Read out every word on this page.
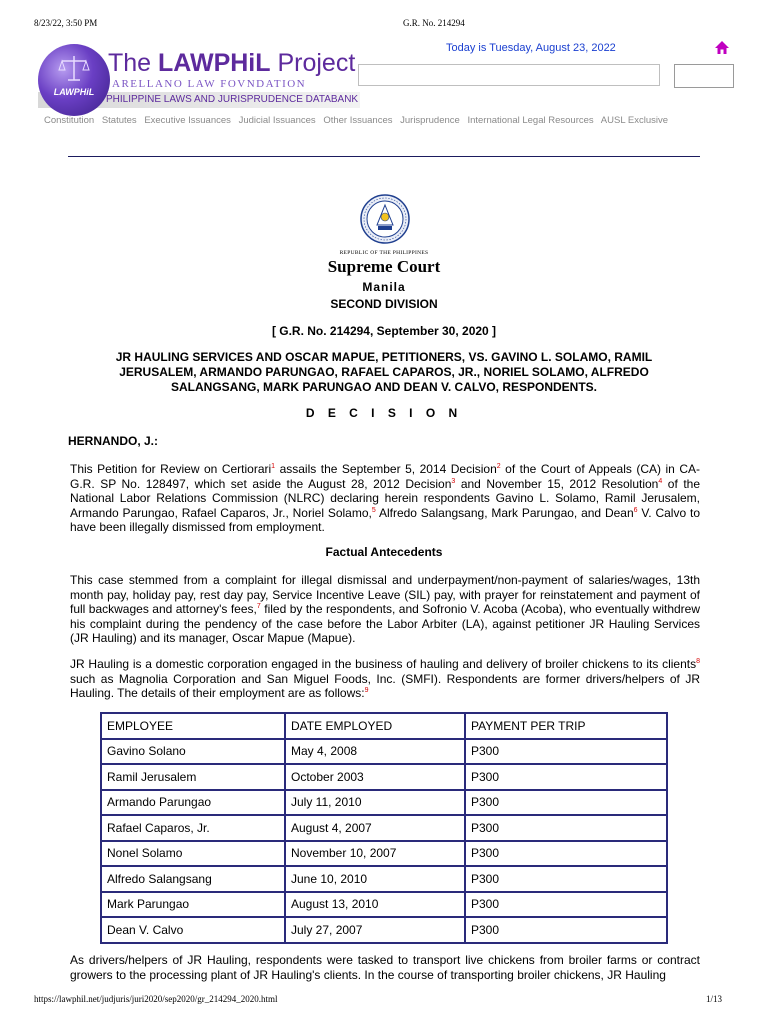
8/23/22, 3:50 PM	G.R. No. 214294
https://lawphil.net/judjuris/juri2020/sep2020/gr_214294_2020.html	1/13
LAWPHiL
The LAWPHiL Project
ARELLANO LAW FOVNDATION
PHILIPPINE LAWS AND JURISPRUDENCE DATABANK
Today is Tuesday, August 23, 2022
Constitution Statutes Executive Issuances Judicial Issuances Other Issuances Jurisprudence International Legal Resources AUSL Exclusive
REPUBLIC OF THE PHILIPPINES
Supreme Court
Manila
SECOND DIVISION
[ G.R. No. 214294, September 30, 2020 ]
JR HAULING SERVICES AND OSCAR MAPUE, PETITIONERS, VS. GAVINO L. SOLAMO, RAMIL JERUSALEM, ARMANDO PARUNGAO, RAFAEL CAPAROS, JR., NORIEL SOLAMO, ALFREDO SALANGSANG, MARK PARUNGAO AND DEAN V. CALVO, RESPONDENTS.
D E C I S I O N
HERNANDO, J.:
This Petition for Review on Certiorari$^1$ assails the September 5, 2014 Decision$^2$ of the Court of Appeals (CA) in CA-G.R. SP No. 128497, which set aside the August 28, 2012 Decision$^3$ and November 15, 2012 Resolution$^4$ of the National Labor Relations Commission (NLRC) declaring herein respondents Gavino L. Solamo, Ramil Jerusalem, Armando Parungao, Rafael Caparos, Jr., Noriel Solamo,$^5$ Alfredo Salangsang, Mark Parungao, and Dean$^6$ V. Calvo to have been illegally dismissed from employment.
Factual Antecedents
This case stemmed from a complaint for illegal dismissal and underpayment/non-payment of salaries/wages, 13th month pay, holiday pay, rest day pay, Service Incentive Leave (SIL) pay, with prayer for reinstatement and payment of full backwages and attorney's fees,$^7$ filed by the respondents, and Sofronio V. Acoba (Acoba), who eventually withdrew his complaint during the pendency of the case before the Labor Arbiter (LA), against petitioner JR Hauling Services (JR Hauling) and its manager, Oscar Mapue (Mapue).
JR Hauling is a domestic corporation engaged in the business of hauling and delivery of broiler chickens to its clients$^8$ such as Magnolia Corporation and San Miguel Foods, Inc. (SMFI). Respondents are former drivers/helpers of JR Hauling. The details of their employment are as follows:$^9$
EMPLOYEE	DATE EMPLOYED	PAYMENT PER TRIP
Gavino Solano	May 4, 2008	P300
Ramil Jerusalem	October 2003	P300
Armando Parungao	July 11, 2010	P300
Rafael Caparos, Jr.	August 4, 2007	P300
Nonel Solamo	November 10, 2007	P300
Alfredo Salangsang	June 10, 2010	P300
Mark Parungao	August 13, 2010	P300
Dean V. Calvo	July 27, 2007	P300
As drivers/helpers of JR Hauling, respondents were tasked to transport live chickens from broiler farms or contract growers to the processing plant of JR Hauling's clients. In the course of transporting broiler chickens, JR Hauling
